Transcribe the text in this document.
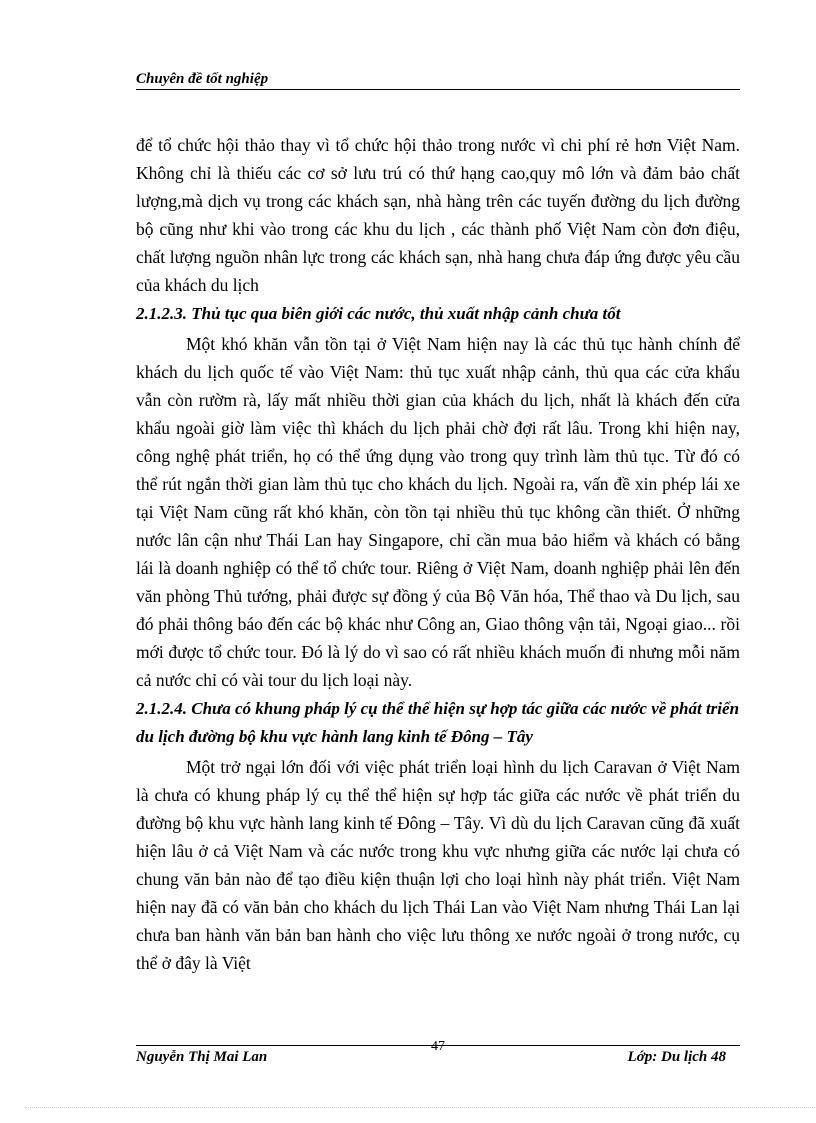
Chuyên đề tốt nghiệp

để tổ chức hội thảo thay vì tổ chức hội thảo trong nước vì chi phí rẻ hơn Việt Nam. Không chỉ là thiếu các cơ sở lưu trú có thứ hạng cao,quy mô lớn và đảm bảo chất lượng,mà dịch vụ trong các khách sạn, nhà hàng trên các tuyến đường du lịch đường bộ cũng như khi vào trong các khu du lịch , các thành phố Việt Nam còn đơn điệu, chất lượng nguồn nhân lực trong các khách sạn, nhà hang chưa đáp ứng được yêu cầu của khách du lịch

2.1.2.3. Thủ tục qua biên giới các nước, thủ xuất nhập cảnh chưa tốt

Một khó khăn vẫn tồn tại ở Việt Nam hiện nay là các thủ tục hành chính để khách du lịch quốc tế vào Việt Nam: thủ tục xuất nhập cảnh, thủ qua các cửa khẩu vẫn còn rườm rà, lấy mất nhiều thời gian của khách du lịch, nhất là khách đến cửa khẩu ngoài giờ làm việc thì khách du lịch phải chờ đợi rất lâu. Trong khi hiện nay, công nghệ phát triển, họ có thể ứng dụng vào trong quy trình làm thủ tục. Từ đó có thể rút ngắn thời gian làm thủ tục cho khách du lịch. Ngoài ra, vấn đề xin phép lái xe tại Việt Nam cũng rất khó khăn, còn tồn tại nhiều thủ tục không cần thiết. Ở những nước lân cận như Thái Lan hay Singapore, chỉ cần mua bảo hiểm và khách có bằng lái là doanh nghiệp có thể tổ chức tour. Riêng ở Việt Nam, doanh nghiệp phải lên đến văn phòng Thủ tướng, phải được sự đồng ý của Bộ Văn hóa, Thể thao và Du lịch, sau đó phải thông báo đến các bộ khác như Công an, Giao thông vận tải, Ngoại giao... rồi mới được tổ chức tour. Đó là lý do vì sao có rất nhiều khách muốn đi nhưng mỗi năm cả nước chỉ có vài tour du lịch loại này.

2.1.2.4. Chưa có khung pháp lý cụ thể thể hiện sự hợp tác giữa các nước về phát triển du lịch đường bộ khu vực hành lang kinh tế Đông – Tây

Một trở ngại lớn đối với việc phát triển loại hình du lịch Caravan ở Việt Nam là chưa có khung pháp lý cụ thể thể hiện sự hợp tác giữa các nước về phát triển du đường bộ khu vực hành lang kinh tế Đông – Tây. Vì dù du lịch Caravan cũng đã xuất hiện lâu ở cả Việt Nam và các nước trong khu vực nhưng giữa các nước lại chưa có chung văn bản nào để tạo điều kiện thuận lợi cho loại hình này phát triển. Việt Nam hiện nay đã có văn bản cho khách du lịch Thái Lan vào Việt Nam nhưng Thái Lan lại chưa ban hành văn bản ban hành cho việc lưu thông xe nước ngoài ở trong nước, cụ thể ở đây là Việt

Nguyễn Thị Mai Lan
47
Lớp: Du lịch 48
